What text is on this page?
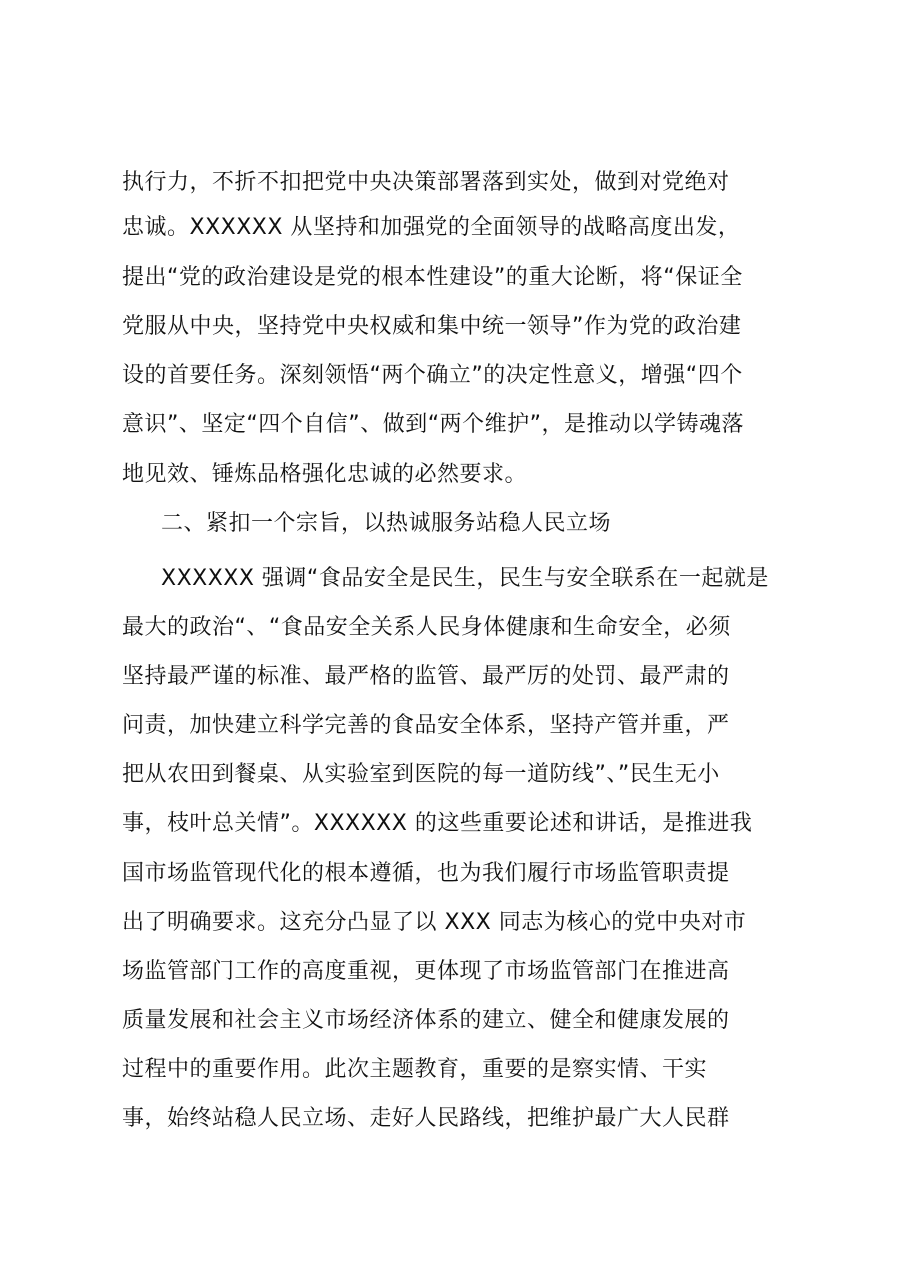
执行力，不折不扣把党中央决策部署落到实处，做到对党绝对
忠诚。XXXXXX 从坚持和加强党的全面领导的战略高度出发，
提出“党的政治建设是党的根本性建设”的重大论断，将“保证全
党服从中央，坚持党中央权威和集中统一领导”作为党的政治建
设的首要任务。深刻领悟“两个确立”的决定性意义，增强“四个
意识”、坚定“四个自信”、做到“两个维护”，是推动以学铸魂落
地见效、锤炼品格强化忠诚的必然要求。
二、紧扣一个宗旨，以热诚服务站稳人民立场
XXXXXX 强调“食品安全是民生，民生与安全联系在一起就是
最大的政治“、“食品安全关系人民身体健康和生命安全，必须
坚持最严谨的标准、最严格的监管、最严厉的处罚、最严肃的
问责，加快建立科学完善的食品安全体系，坚持产管并重，严
把从农田到餐桌、从实验室到医院的每一道防线”、”民生无小
事，枝叶总关情”。XXXXXX 的这些重要论述和讲话，是推进我
国市场监管现代化的根本遵循，也为我们履行市场监管职责提
出了明确要求。这充分凸显了以 XXX 同志为核心的党中央对市
场监管部门工作的高度重视，更体现了市场监管部门在推进高
质量发展和社会主义市场经济体系的建立、健全和健康发展的
过程中的重要作用。此次主题教育，重要的是察实情、干实
事，始终站稳人民立场、走好人民路线，把维护最广大人民群
